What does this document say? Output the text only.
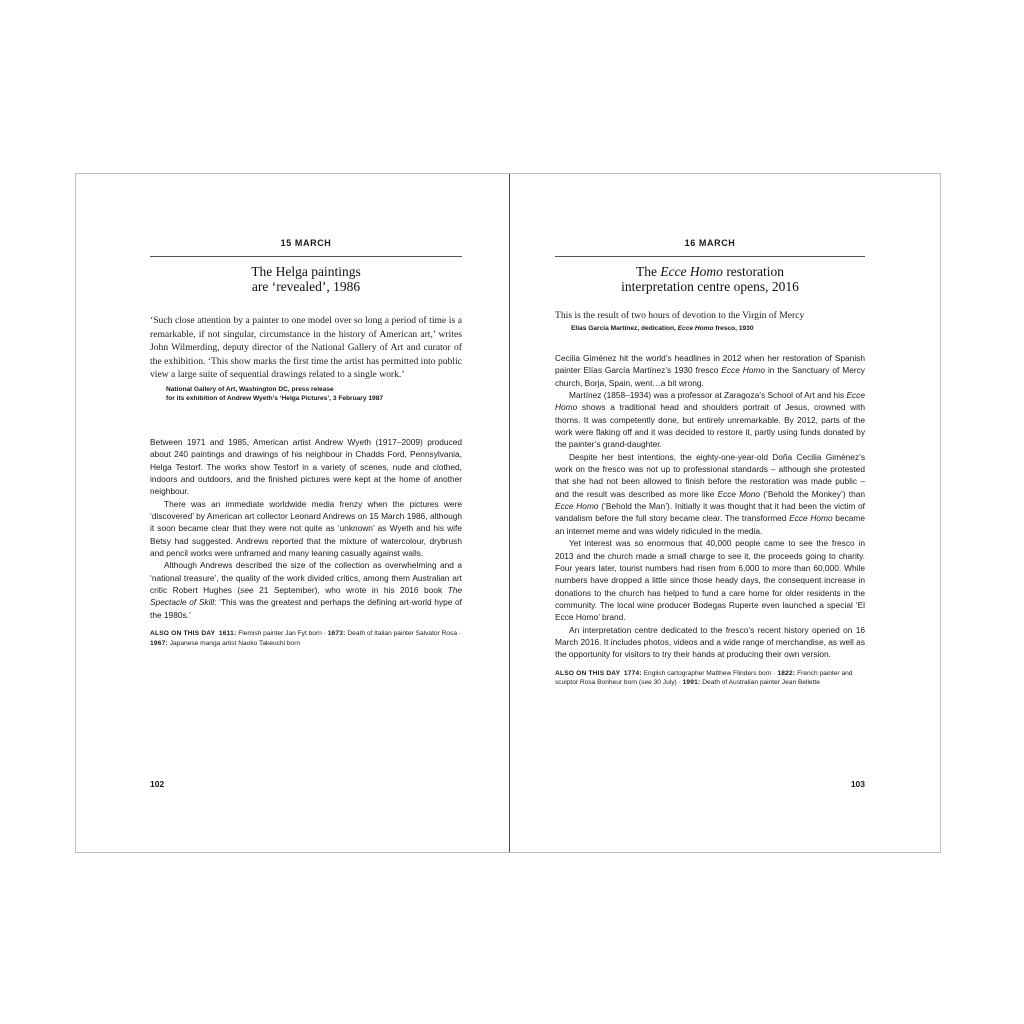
15 MARCH
The Helga paintings
are ‘revealed’, 1986
‘Such close attention by a painter to one model over so long a period of time is a remarkable, if not singular, circumstance in the history of American art,’ writes John Wilmerding, deputy director of the National Gallery of Art and curator of the exhibition. ‘This show marks the first time the artist has permitted into public view a large suite of sequential drawings related to a single work.’
National Gallery of Art, Washington DC, press release
for its exhibition of Andrew Wyeth’s ‘Helga Pictures’, 3 February 1987

Between 1971 and 1985, American artist Andrew Wyeth (1917–2009) produced about 240 paintings and drawings of his neighbour in Chadds Ford, Pennsylvania, Helga Testorf. The works show Testorf in a variety of scenes, nude and clothed, indoors and outdoors, and the finished pictures were kept at the home of another neighbour.

There was an immediate worldwide media frenzy when the pictures were ‘discovered’ by American art collector Leonard Andrews on 15 March 1986, although it soon became clear that they were not quite as ‘unknown’ as Wyeth and his wife Betsy had suggested. Andrews reported that the mixture of watercolour, drybrush and pencil works were unframed and many leaning casually against walls.

Although Andrews described the size of the collection as overwhelming and a ‘national treasure’, the quality of the work divided critics, among them Australian art critic Robert Hughes (see 21 September), who wrote in his 2016 book The Spectacle of Skill: ‘This was the greatest and perhaps the defining art-world hype of the 1980s.’

ALSO ON THIS DAY 1611: Flemish painter Jan Fyt born · 1673: Death of Italian painter Salvator Rosa · 1967: Japanese manga artist Naoko Takeuchi born
102
16 MARCH
The Ecce Homo restoration
interpretation centre opens, 2016
This is the result of two hours of devotion to the Virgin of Mercy
Elías García Martínez, dedication, Ecce Homo fresco, 1930

Cecilia Giménez hit the world’s headlines in 2012 when her restoration of Spanish painter Elías García Martínez’s 1930 fresco Ecce Homo in the Sanctuary of Mercy church, Borja, Spain, went…a bit wrong.

Martínez (1858–1934) was a professor at Zaragoza’s School of Art and his Ecce Homo shows a traditional head and shoulders portrait of Jesus, crowned with thorns. It was competently done, but entirely unremarkable. By 2012, parts of the work were flaking off and it was decided to restore it, partly using funds donated by the painter’s grand-daughter.

Despite her best intentions, the eighty-one-year-old Doña Cecilia Giménez’s work on the fresco was not up to professional standards – although she protested that she had not been allowed to finish before the restoration was made public – and the result was described as more like Ecce Mono (‘Behold the Monkey’) than Ecce Homo (‘Behold the Man’). Initially it was thought that it had been the victim of vandalism before the full story became clear. The transformed Ecce Homo became an internet meme and was widely ridiculed in the media.

Yet interest was so enormous that 40,000 people came to see the fresco in 2013 and the church made a small charge to see it, the proceeds going to charity. Four years later, tourist numbers had risen from 6,000 to more than 60,000. While numbers have dropped a little since those heady days, the consequent increase in donations to the church has helped to fund a care home for older residents in the community. The local wine producer Bodegas Ruperte even launched a special ‘El Ecce Homo’ brand.

An interpretation centre dedicated to the fresco’s recent history opened on 16 March 2016. It includes photos, videos and a wide range of merchandise, as well as the opportunity for visitors to try their hands at producing their own version.

ALSO ON THIS DAY 1774: English cartographer Matthew Flinders born · 1822: French painter and sculptor Rosa Bonheur born (see 30 July) · 1991: Death of Australian painter Jean Bellette
103
